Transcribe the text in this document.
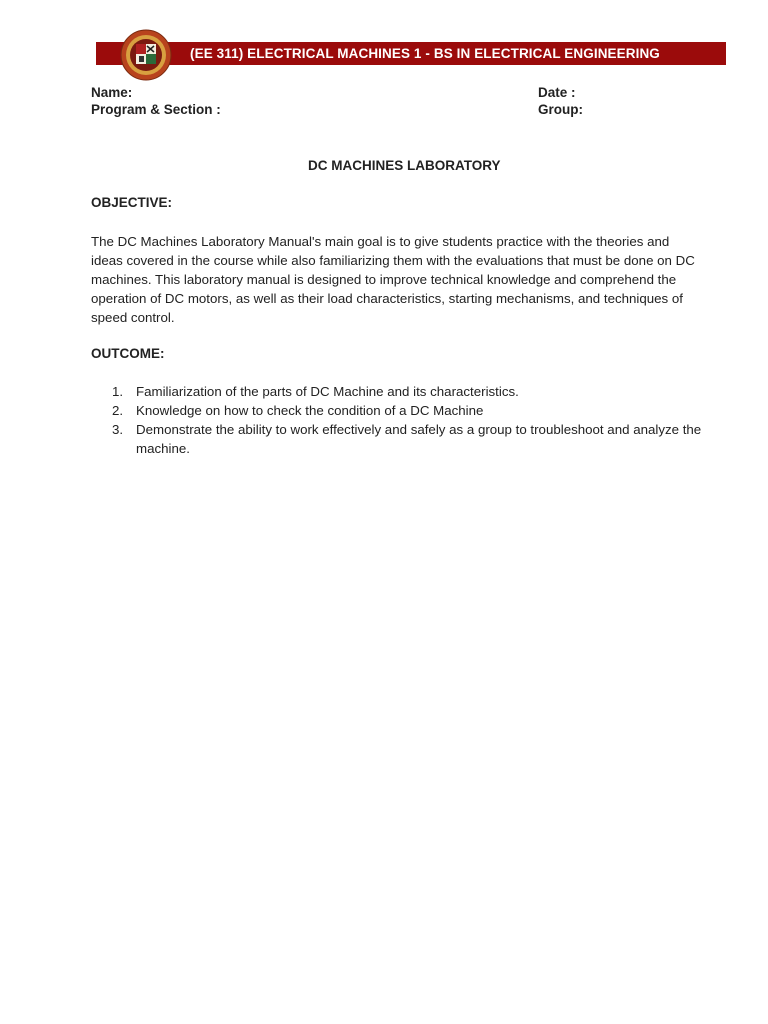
(EE 311) ELECTRICAL MACHINES 1 - BS IN ELECTRICAL ENGINEERING
Name:
Program & Section :
Date :
Group:
DC MACHINES LABORATORY
OBJECTIVE:
The DC Machines Laboratory Manual's main goal is to give students practice with the theories and
ideas covered in the course while also familiarizing them with the evaluations that must be done on DC
machines. This laboratory manual is designed to improve technical knowledge and comprehend the
operation of DC motors, as well as their load characteristics, starting mechanisms, and techniques of
speed control.
OUTCOME:
1. Familiarization of the parts of DC Machine and its characteristics.
2. Knowledge on how to check the condition of a DC Machine
3. Demonstrate the ability to work effectively and safely as a group to troubleshoot and analyze the
machine.
